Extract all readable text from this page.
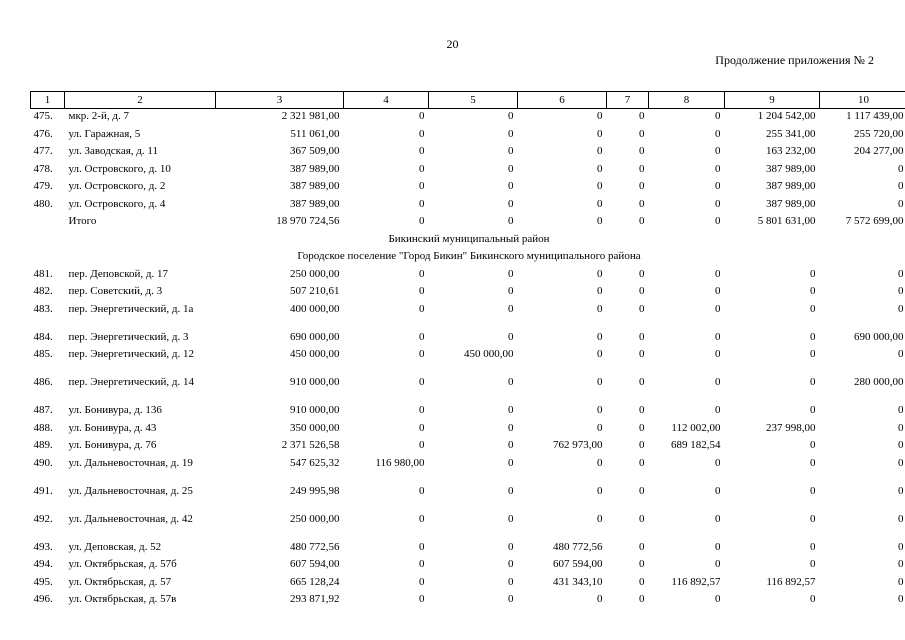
20
Продолжение приложения № 2
1	2	3	4	5	6	7	8	9	10
475.	мкр. 2-й, д. 7	2 321 981,00	0	0	0	0	0	1 204 542,00	1 117 439,00
476.	ул. Гаражная, 5	511 061,00	0	0	0	0	0	255 341,00	255 720,00
477.	ул. Заводская, д. 11	367 509,00	0	0	0	0	0	163 232,00	204 277,00
478.	ул. Островского, д. 10	387 989,00	0	0	0	0	0	387 989,00	0
479.	ул. Островского, д. 2	387 989,00	0	0	0	0	0	387 989,00	0
480.	ул. Островского, д. 4	387 989,00	0	0	0	0	0	387 989,00	0
	Итого	18 970 724,56	0	0	0	0	0	5 801 631,00	7 572 699,00
Бикинский муниципальный район									
Городское поселение "Город Бикин" Бикинского муниципального района									
481.	пер. Деповской, д. 17	250 000,00	0	0	0	0	0	0	0
482.	пер. Советский, д. 3	507 210,61	0	0	0	0	0	0	0
483.	пер. Энергетический, д. 1а	400 000,00	0	0	0	0	0	0	0
484.	пер. Энергетический, д. 3	690 000,00	0	0	0	0	0	0	690 000,00
485.	пер. Энергетический, д. 12	450 000,00	0	450 000,00	0	0	0	0	0
486.	пер. Энергетический, д. 14	910 000,00	0	0	0	0	0	0	280 000,00
487.	ул. Бонивура, д. 136	910 000,00	0	0	0	0	0	0	0
488.	ул. Бонивура, д. 43	350 000,00	0	0	0	0	112 002,00	237 998,00	0
489.	ул. Бонивура, д. 76	2 371 526,58	0	0	762 973,00	0	689 182,54	0	0
490.	ул. Дальневосточная, д. 19	547 625,32	116 980,00	0	0	0	0	0	0
491.	ул. Дальневосточная, д. 25	249 995,98	0	0	0	0	0	0	0
492.	ул. Дальневосточная, д. 42	250 000,00	0	0	0	0	0	0	0
493.	ул. Деповская, д. 52	480 772,56	0	0	480 772,56	0	0	0	0
494.	ул. Октябрьская, д. 57б	607 594,00	0	0	607 594,00	0	0	0	0
495.	ул. Октябрьская, д. 57	665 128,24	0	0	431 343,10	0	116 892,57	116 892,57	0
496.	ул. Октябрьская, д. 57в	293 871,92	0	0	0	0	0	0	0
